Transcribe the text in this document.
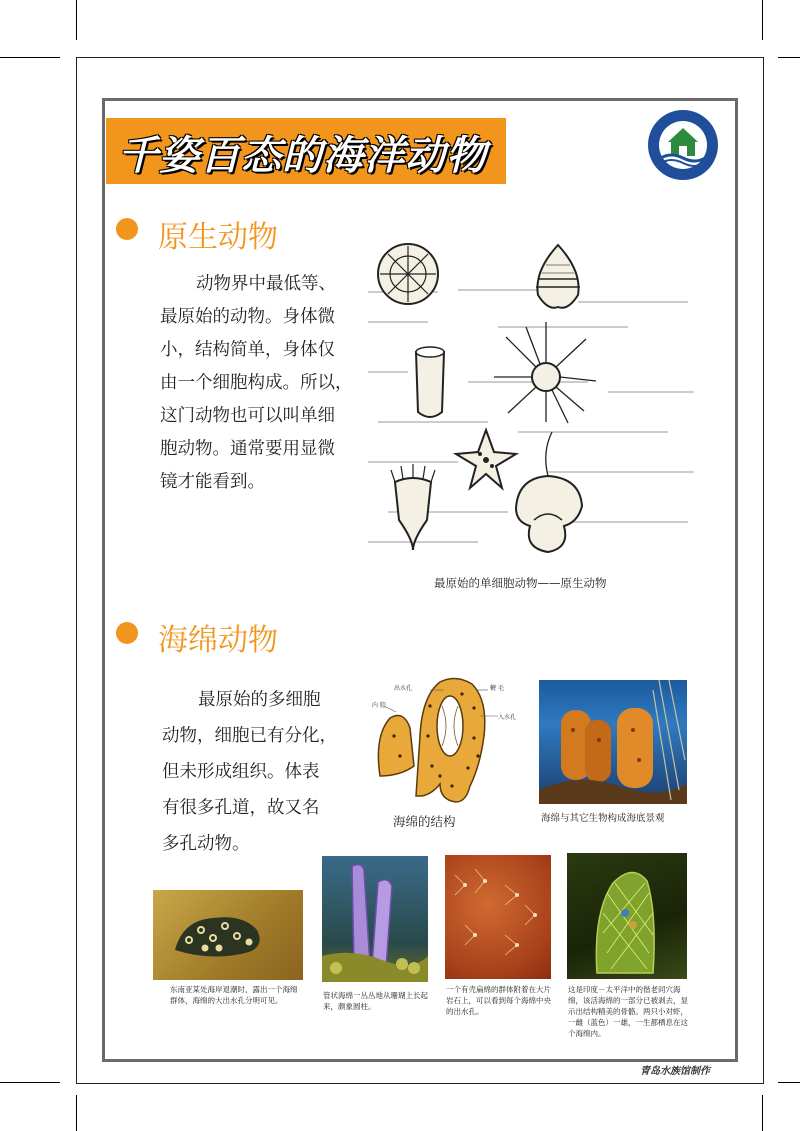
千姿百态的海洋动物
原生动物

动物界中最低等、

最原始的动物。身体微

小，结构简单，身体仅

由一个细胞构成。所以，

这门动物也可以叫单细

胞动物。通常要用显微

镜才能看到。

最原始的单细胞动物——原生动物
海绵动物

最原始的多细胞

动物，细胞已有分化，

但未形成组织。体表

有很多孔道，故又名

多孔动物。

出水孔	鞭 毛
内 腔
入水孔
海绵的结构	海绵与其它生物构成海底景观
东南亚某处海岸退潮时，露出一个海绵群体，海绵的大出水孔分明可见。
管状海绵一丛丛地从珊瑚上长起来，颇象圆柱。
一个有壳扁绵的群体附着在大片岩石上，可以看到每个海绵中央的出水孔。
这是印度－太平洋中的偕老同穴海绵，该活海绵的一部分已被剥去，显示出结构精美的骨骼。两只小对虾，一雌（蓝色）一雄，一生都栖息在这个海绵内。
青岛水族馆制作
